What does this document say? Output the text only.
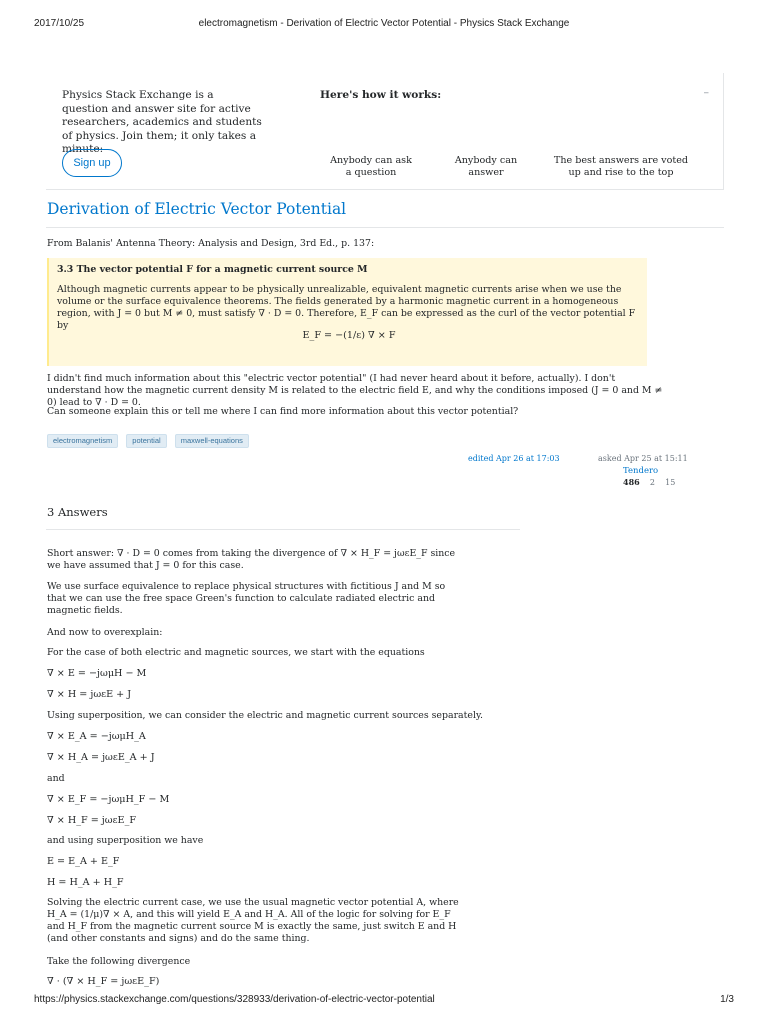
2017/10/25	electromagnetism - Derivation of Electric Vector Potential - Physics Stack Exchange
Physics Stack Exchange is a question and answer site for active researchers, academics and students of physics. Join them; it only takes a minute:
Sign up
Here's how it works:	–
Anybody can ask a question
Anybody can answer
The best answers are voted up and rise to the top
Derivation of Electric Vector Potential
From Balanis' Antenna Theory: Analysis and Design, 3rd Ed., p. 137:
3.3 The vector potential F for a magnetic current source M
Although magnetic currents appear to be physically unrealizable, equivalent magnetic currents arise when we use the volume or the surface equivalence theorems. The fields generated by a harmonic magnetic current in a homogeneous region, with J = 0 but M ≠ 0, must satisfy ∇ · D = 0. Therefore, E_F can be expressed as the curl of the vector potential F by
E_F = −(1/ε) ∇ × F
I didn't find much information about this "electric vector potential" (I had never heard about it before, actually). I don't understand how the magnetic current density M is related to the electric field E, and why the conditions imposed (J = 0 and M ≠ 0) lead to ∇ · D = 0.
Can someone explain this or tell me where I can find more information about this vector potential?
electromagnetism	potential	maxwell-equations
edited Apr 26 at 17:03	asked Apr 25 at 15:11
Tendero
486 2 15
3 Answers
Short answer: ∇ · D = 0 comes from taking the divergence of ∇ × H_F = jωεE_F since we have assumed that J = 0 for this case.
We use surface equivalence to replace physical structures with fictitious J and M so that we can use the free space Green's function to calculate radiated electric and magnetic fields.
And now to overexplain:
For the case of both electric and magnetic sources, we start with the equations
∇ × E = −jωμH − M
∇ × H = jωεE + J
Using superposition, we can consider the electric and magnetic current sources separately.
∇ × E_A = −jωμH_A
∇ × H_A = jωεE_A + J
and
∇ × E_F = −jωμH_F − M
∇ × H_F = jωεE_F
and using superposition we have
E = E_A + E_F
H = H_A + H_F
Solving the electric current case, we use the usual magnetic vector potential A, where H_A = (1/μ)∇ × A, and this will yield E_A and H_A. All of the logic for solving for E_F and H_F from the magnetic current source M is exactly the same, just switch E and H (and other constants and signs) and do the same thing.
Take the following divergence
∇ · (∇ × H_F = jωεE_F)
https://physics.stackexchange.com/questions/328933/derivation-of-electric-vector-potential	1/3
